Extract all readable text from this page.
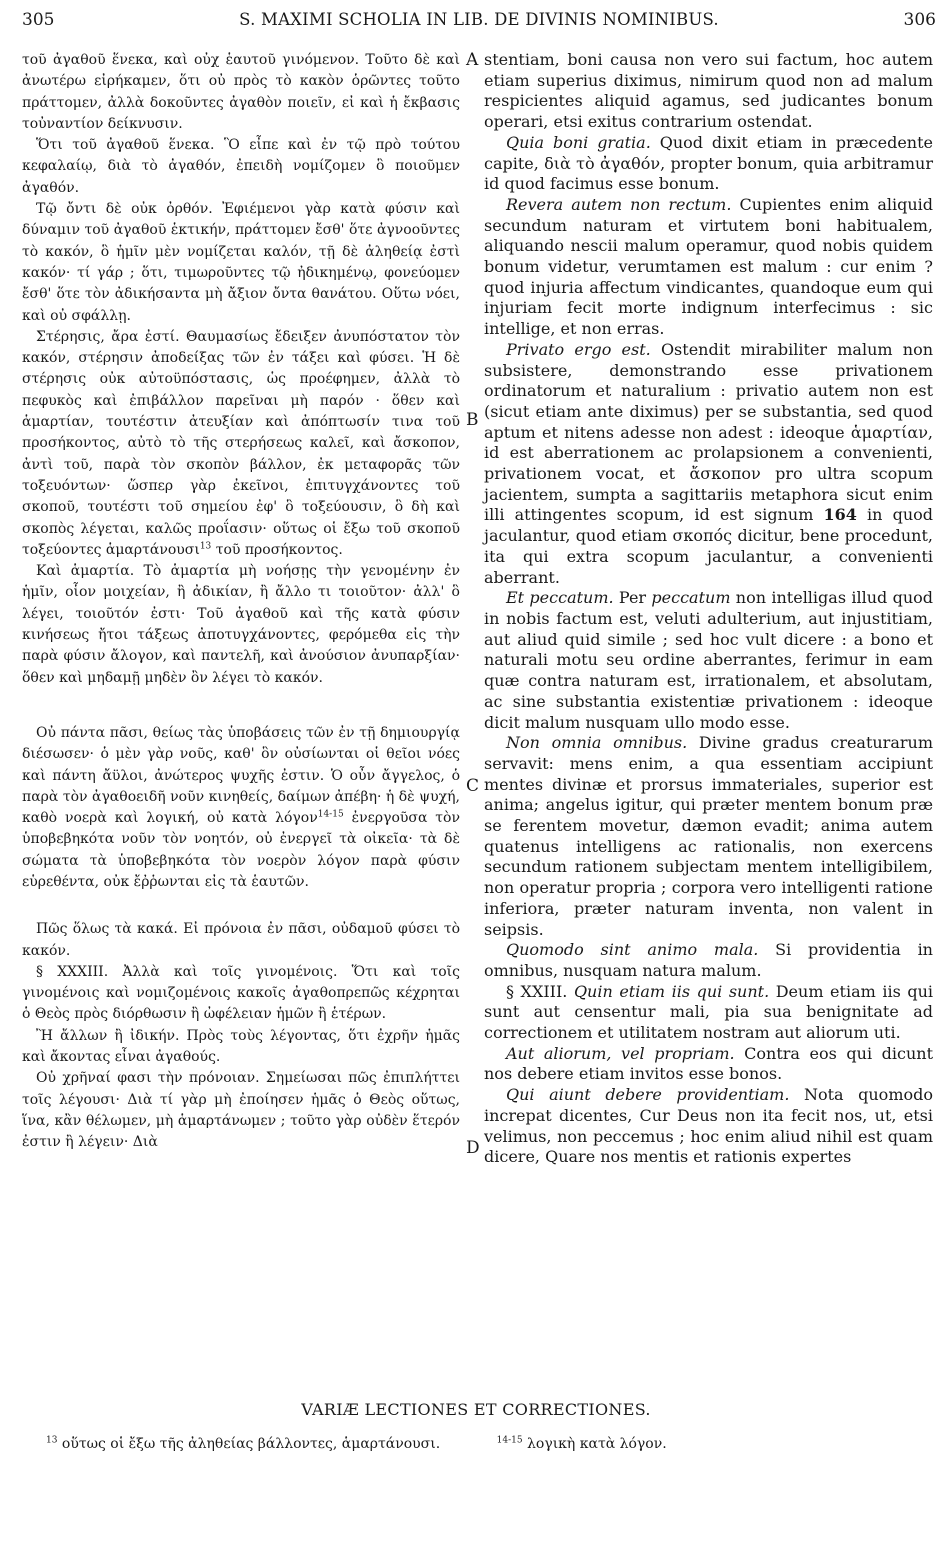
305	S. MAXIMI SCHOLIA IN LIB. DE DIVINIS NOMINIBUS.	306
A
B
C
D

τοῦ ἀγαθοῦ ἕνεκα, καὶ οὐχ ἑαυτοῦ γινόμενον. Τοῦτο δὲ καὶ ἀνωτέρω εἰρήκαμεν, ὅτι οὐ πρὸς τὸ κακὸν ὁρῶντες τοῦτο πράττομεν, ἀλλὰ δοκοῦντες ἀγαθὸν ποιεῖν, εἰ καὶ ἡ ἔκβασις τοὐναντίον δείκνυσιν.

Ὅτι τοῦ ἀγαθοῦ ἕνεκα. Ὃ εἶπε καὶ ἐν τῷ πρὸ τούτου κεφαλαίῳ, διὰ τὸ ἀγαθόν, ἐπειδὴ νομίζομεν ὃ ποιοῦμεν ἀγαθόν.

Τῷ ὄντι δὲ οὐκ ὀρθόν. Ἐφιέμενοι γὰρ κατὰ φύσιν καὶ δύναμιν τοῦ ἀγαθοῦ ἑκτικήν, πράττομεν ἔσθ' ὅτε ἀγνοοῦντες τὸ κακόν, ὃ ἡμῖν μὲν νομίζεται καλόν, τῇ δὲ ἀληθείᾳ ἐστὶ κακόν· τί γάρ ; ὅτι, τιμωροῦντες τῷ ἠδικημένῳ, φονεύομεν ἔσθ' ὅτε τὸν ἀδικήσαντα μὴ ἄξιον ὄντα θανάτου. Οὕτω νόει, καὶ οὐ σφάλλῃ.

Στέρησις, ἄρα ἐστί. Θαυμασίως ἔδειξεν ἀνυπόστατον τὸν κακόν, στέρησιν ἀποδείξας τῶν ἐν τάξει καὶ φύσει. Ἡ δὲ στέρησις οὐκ αὐτοϋπόστασις, ὡς προέφημεν, ἀλλὰ τὸ πεφυκὸς καὶ ἐπιβάλλον παρεῖναι μὴ παρόν · ὅθεν καὶ ἁμαρτίαν, τουτέστιν ἀτευξίαν καὶ ἀπόπτωσίν τινα τοῦ προσήκοντος, αὐτὸ τὸ τῆς στερήσεως καλεῖ, καὶ ἄσκοπον, ἀντὶ τοῦ, παρὰ τὸν σκοπὸν βάλλον, ἐκ μεταφορᾶς τῶν τοξευόντων· ὥσπερ γὰρ ἐκεῖνοι, ἐπιτυγχάνοντες τοῦ σκοποῦ, τουτέστι τοῦ σημείου ἐφ' ὃ τοξεύουσιν, ὃ δὴ καὶ σκοπὸς λέγεται, καλῶς προΐασιν· οὕτως οἱ ἔξω τοῦ σκοποῦ τοξεύοντες ἁμαρτάνουσι$^{13}$ τοῦ προσήκοντος.

Καὶ ἁμαρτία. Τὸ ἁμαρτία μὴ νοήσῃς τὴν γενομένην ἐν ἡμῖν, οἷον μοιχείαν, ἢ ἀδικίαν, ἢ ἄλλο τι τοιοῦτον· ἀλλ' ὃ λέγει, τοιοῦτόν ἐστι· Τοῦ ἀγαθοῦ καὶ τῆς κατὰ φύσιν κινήσεως ἤτοι τάξεως ἀποτυγχάνοντες, φερόμεθα εἰς τὴν παρὰ φύσιν ἄλογον, καὶ παντελῆ, καὶ ἀνούσιον ἀνυπαρξίαν· ὅθεν καὶ μηδαμῇ μηδὲν ὂν λέγει τὸ κακόν.

Οὐ πάντα πᾶσι, θείως τὰς ὑποβάσεις τῶν ἐν τῇ δημιουργίᾳ διέσωσεν· ὁ μὲν γὰρ νοῦς, καθ' ὃν οὐσίωνται οἱ θεῖοι νόες καὶ πάντη ἄϋλοι, ἀνώτερος ψυχῆς ἐστιν. Ὁ οὖν ἄγγελος, ὁ παρὰ τὸν ἀγαθοειδῆ νοῦν κινηθείς, δαίμων ἀπέβη· ἡ δὲ ψυχή, καθὸ νοερὰ καὶ λογική, οὐ κατὰ λόγον$^{14-15}$ ἐνεργοῦσα τὸν ὑποβεβηκότα νοῦν τὸν νοητόν, οὐ ἐνεργεῖ τὰ οἰκεῖα· τὰ δὲ σώματα τὰ ὑποβεβηκότα τὸν νοερὸν λόγον παρὰ φύσιν εὑρεθέντα, οὐκ ἔῤῥωνται εἰς τὰ ἑαυτῶν.

Πῶς ὅλως τὰ κακά. Εἰ πρόνοια ἐν πᾶσι, οὐδαμοῦ φύσει τὸ κακόν.

§ XXXIII. Ἀλλὰ καὶ τοῖς γινομένοις. Ὅτι καὶ τοῖς γινομένοις καὶ νομιζομένοις κακοῖς ἀγαθοπρεπῶς κέχρηται ὁ Θεὸς πρὸς διόρθωσιν ἢ ὠφέλειαν ἡμῶν ἢ ἑτέρων.

Ἢ ἄλλων ἢ ἰδικήν. Πρὸς τοὺς λέγοντας, ὅτι ἐχρῆν ἡμᾶς καὶ ἄκοντας εἶναι ἀγαθούς.

Οὐ χρῆναί φασι τὴν πρόνοιαν. Σημείωσαι πῶς ἐπιπλήττει τοῖς λέγουσι· Διὰ τί γὰρ μὴ ἐποίησεν ἡμᾶς ὁ Θεὸς οὕτως, ἵνα, κἂν θέλωμεν, μὴ ἁμαρτάνωμεν ; τοῦτο γὰρ οὐδὲν ἕτερόν ἐστιν ἢ λέγειν· Διὰ

stentiam, boni causa non vero sui factum, hoc autem etiam superius diximus, nimirum quod non ad malum respicientes aliquid agamus, sed judicantes bonum operari, etsi exitus contrarium ostendat.

Quia boni gratia. Quod dixit etiam in præcedente capite, διὰ τὸ ἀγαθόν, propter bonum, quia arbitramur id quod facimus esse bonum.

Revera autem non rectum. Cupientes enim aliquid secundum naturam et virtutem boni habitualem, aliquando nescii malum operamur, quod nobis quidem bonum videtur, verumtamen est malum : cur enim ? quod injuria affectum vindicantes, quandoque eum qui injuriam fecit morte indignum interfecimus : sic intellige, et non erras.

Privato ergo est. Ostendit mirabiliter malum non subsistere, demonstrando esse privationem ordinatorum et naturalium : privatio autem non est (sicut etiam ante diximus) per se substantia, sed quod aptum et nitens adesse non adest : ideoque ἁμαρτίαν, id est aberrationem ac prolapsionem a convenienti, privationem vocat, et ἄσκοπον pro ultra scopum jacientem, sumpta a sagittariis metaphora sicut enim illi attingentes scopum, id est signum 164 in quod jaculantur, quod etiam σκοπός dicitur, bene procedunt, ita qui extra scopum jaculantur, a convenienti aberrant.

Et peccatum. Per peccatum non intelligas illud quod in nobis factum est, veluti adulterium, aut injustitiam, aut aliud quid simile ; sed hoc vult dicere : a bono et naturali motu seu ordine aberrantes, ferimur in eam quæ contra naturam est, irrationalem, et absolutam, ac sine substantia existentiæ privationem : ideoque dicit malum nusquam ullo modo esse.

Non omnia omnibus. Divine gradus creaturarum servavit: mens enim, a qua essentiam accipiunt mentes divinæ et prorsus immateriales, superior est anima; angelus igitur, qui præter mentem bonum præ se ferentem movetur, dæmon evadit; anima autem quatenus intelligens ac rationalis, non exercens secundum rationem subjectam mentem intelligibilem, non operatur propria ; corpora vero intelligenti ratione inferiora, præter naturam inventa, non valent in seipsis.

Quomodo sint animo mala. Si providentia in omnibus, nusquam natura malum.

§ XXIII. Quin etiam iis qui sunt. Deum etiam iis qui sunt aut censentur mali, pia sua benignitate ad correctionem et utilitatem nostram aut aliorum uti.

Aut aliorum, vel propriam. Contra eos qui dicunt nos debere etiam invitos esse bonos.

Qui aiunt debere providentiam. Nota quomodo increpat dicentes, Cur Deus non ita fecit nos, ut, etsi velimus, non peccemus ; hoc enim aliud nihil est quam dicere, Quare nos mentis et rationis expertes

VARIÆ LECTIONES ET CORRECTIONES.
$^{13}$ οὕτως οἱ ἔξω τῆς ἀληθείας βάλλοντες, ἁμαρτάνουσι.	$^{14-15}$ λογικὴ κατὰ λόγον.
